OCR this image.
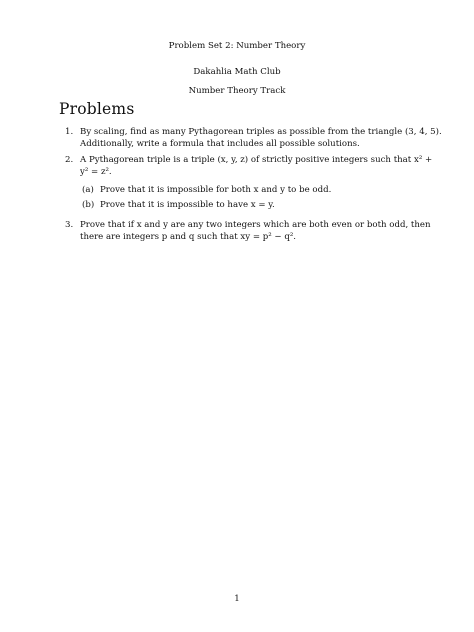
Problem Set 2: Number Theory
Dakahlia Math Club
Number Theory Track
Problems
1. By scaling, find as many Pythagorean triples as possible from the triangle (3, 4, 5).
Additionally, write a formula that includes all possible solutions.
2. A Pythagorean triple is a triple (x, y, z) of strictly positive integers such that x² +
y² = z².
(a) Prove that it is impossible for both x and y to be odd.
(b) Prove that it is impossible to have x = y.
3. Prove that if x and y are any two integers which are both even or both odd, then
there are integers p and q such that xy = p² − q².
1
